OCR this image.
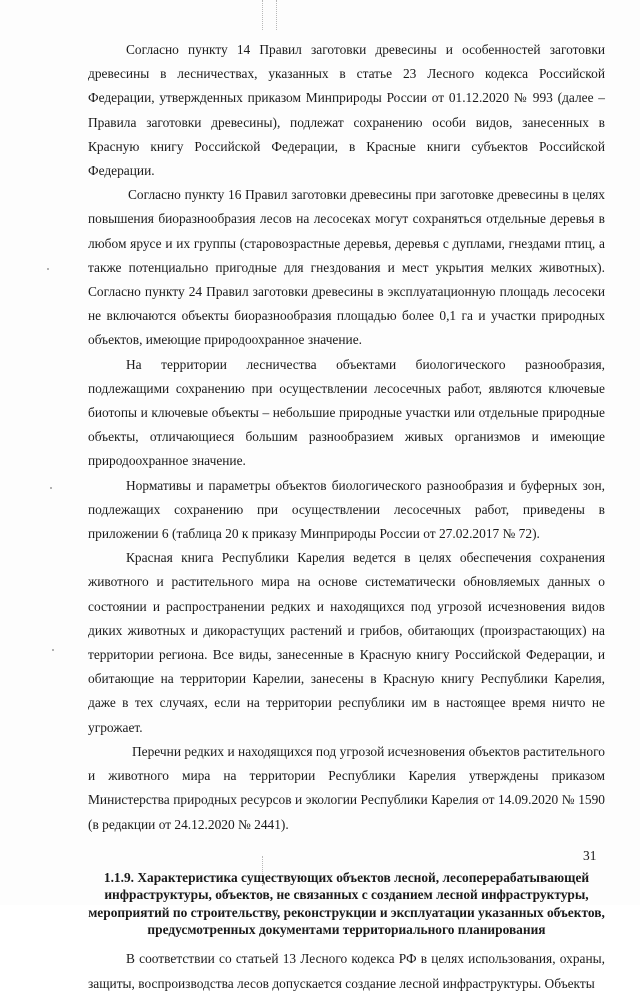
Согласно пункту 14 Правил заготовки древесины и особенностей заготовки древесины в лесничествах, указанных в статье 23 Лесного кодекса Российской Федерации, утвержденных приказом Минприроды России от 01.12.2020 № 993 (далее – Правила заготовки древесины), подлежат сохранению особи видов, занесенных в Красную книгу Российской Федерации, в Красные книги субъектов Российской Федерации.

Согласно пункту 16 Правил заготовки древесины при заготовке древесины в целях повышения биоразнообразия лесов на лесосеках могут сохраняться отдельные деревья в любом ярусе и их группы (старовозрастные деревья, деревья с дуплами, гнездами птиц, а также потенциально пригодные для гнездования и мест укрытия мелких животных). Согласно пункту 24 Правил заготовки древесины в эксплуатационную площадь лесосеки не включаются объекты биоразнообразия площадью более 0,1 га и участки природных объектов, имеющие природоохранное значение.

На территории лесничества объектами биологического разнообразия, подлежащими сохранению при осуществлении лесосечных работ, являются ключевые биотопы и ключевые объекты – небольшие природные участки или отдельные природные объекты, отличающиеся большим разнообразием живых организмов и имеющие природоохранное значение.

Нормативы и параметры объектов биологического разнообразия и буферных зон, подлежащих сохранению при осуществлении лесосечных работ, приведены в приложении 6 (таблица 20 к приказу Минприроды России от 27.02.2017 № 72).

Красная книга Республики Карелия ведется в целях обеспечения сохранения животного и растительного мира на основе систематически обновляемых данных о состоянии и распространении редких и находящихся под угрозой исчезновения видов диких животных и дикорастущих растений и грибов, обитающих (произрастающих) на территории региона. Все виды, занесенные в Красную книгу Российской Федерации, и обитающие на территории Карелии, занесены в Красную книгу Республики Карелия, даже в тех случаях, если на территории республики им в настоящее время ничто не угрожает.

Перечни редких и находящихся под угрозой исчезновения объектов растительного и животного мира на территории Республики Карелия утверждены приказом Министерства природных ресурсов и экологии Республики Карелия от 14.09.2020 № 1590 (в редакции от 24.12.2020 № 2441).

1.1.9. Характеристика существующих объектов лесной, лесоперерабатывающей инфраструктуры, объектов, не связанных с созданием лесной инфраструктуры, мероприятий по строительству, реконструкции и эксплуатации указанных объектов, предусмотренных документами территориального планирования

В соответствии со статьей 13 Лесного кодекса РФ в целях использования, охраны, защиты, воспроизводства лесов допускается создание лесной инфраструктуры. Объекты

31
